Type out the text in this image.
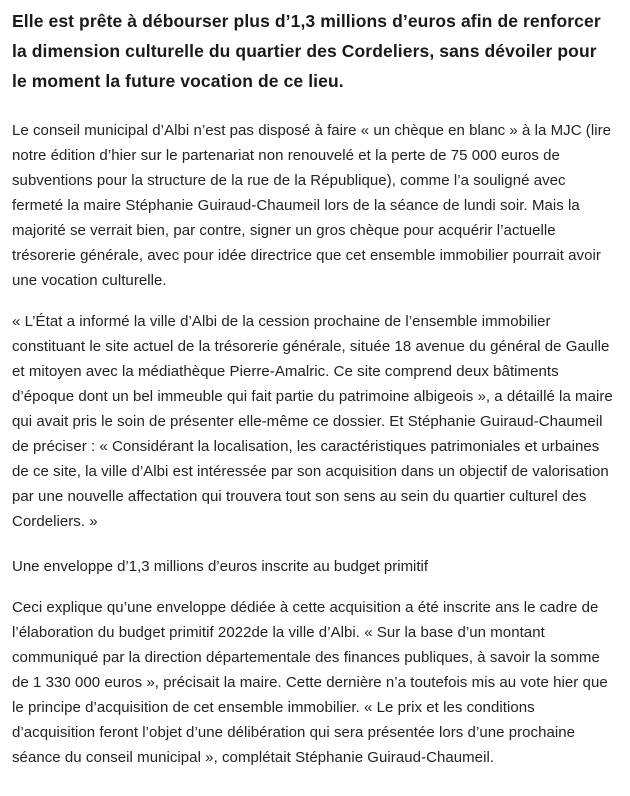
Elle est prête à débourser plus d’1,3 millions d’euros afin de renforcer la dimension culturelle du quartier des Cordeliers, sans dévoiler pour le moment la future vocation de ce lieu.

Le conseil municipal d’Albi n’est pas disposé à faire « un chèque en blanc » à la MJC (lire notre édition d’hier sur le partenariat non renouvelé et la perte de 75 000 euros de subventions pour la structure de la rue de la République), comme l’a souligné avec fermeté la maire Stéphanie Guiraud-Chaumeil lors de la séance de lundi soir. Mais la majorité se verrait bien, par contre, signer un gros chèque pour acquérir l’actuelle trésorerie générale, avec pour idée directrice que cet ensemble immobilier pourrait avoir une vocation culturelle.

« L’État a informé la ville d’Albi de la cession prochaine de l’ensemble immobilier constituant le site actuel de la trésorerie générale, située 18 avenue du général de Gaulle et mitoyen avec la médiathèque Pierre-Amalric. Ce site comprend deux bâtiments d’époque dont un bel immeuble qui fait partie du patrimoine albigeois », a détaillé la maire qui avait pris le soin de présenter elle-même ce dossier. Et Stéphanie Guiraud-Chaumeil de préciser : « Considérant la localisation, les caractéristiques patrimoniales et urbaines de ce site, la ville d’Albi est intéressée par son acquisition dans un objectif de valorisation par une nouvelle affectation qui trouvera tout son sens au sein du quartier culturel des Cordeliers. »

Une enveloppe d’1,3 millions d’euros inscrite au budget primitif

Ceci explique qu’une enveloppe dédiée à cette acquisition a été inscrite ans le cadre de l’élaboration du budget primitif 2022de la ville d’Albi. « Sur la base d’un montant communiqué par la direction départementale des finances publiques, à savoir la somme de 1 330 000 euros », précisait la maire. Cette dernière n’a toutefois mis au vote hier que le principe d’acquisition de cet ensemble immobilier. « Le prix et les conditions d’acquisition feront l’objet d’une délibération qui sera présentée lors d’une prochaine séance du conseil municipal », complétait Stéphanie Guiraud-Chaumeil.
